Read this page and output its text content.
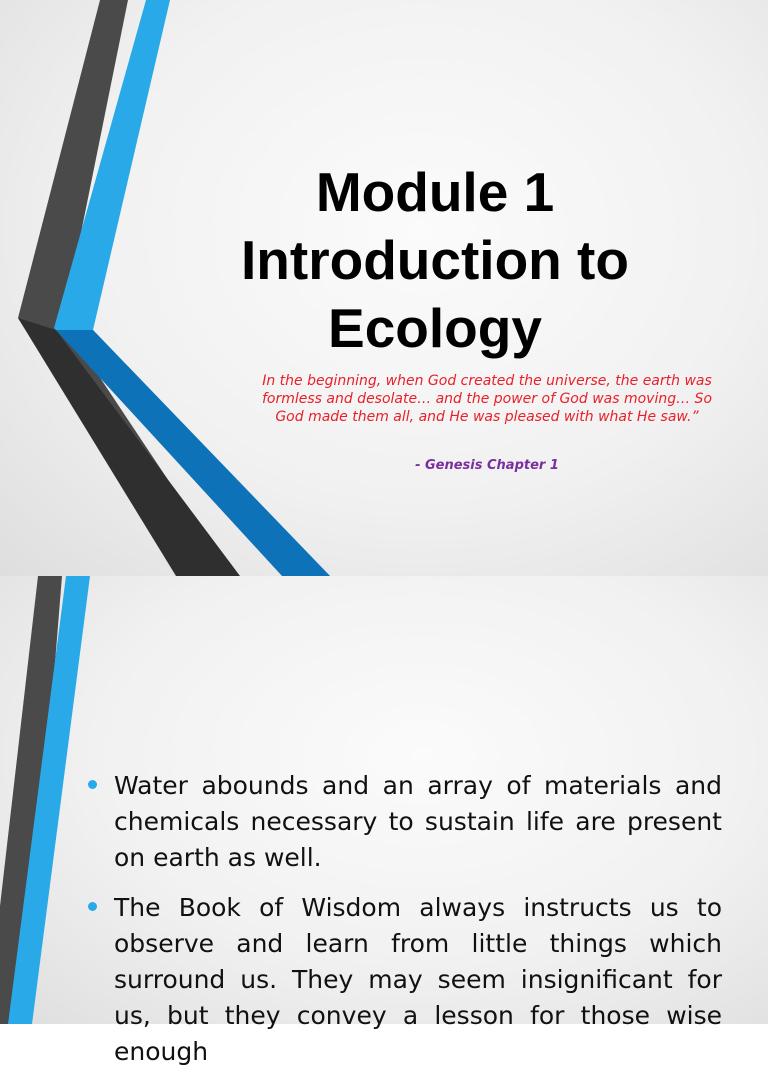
Module 1
Introduction to
Ecology
In the beginning, when God created the universe, the earth was formless and desolate… and the power of God was moving… So God made them all, and He was pleased with what He saw.”
- Genesis Chapter 1
Water abounds and an array of materials and chemicals necessary to sustain life are present on earth as well.
The Book of Wisdom always instructs us to observe and learn from little things which surround us. They may seem insignificant for us, but they convey a lesson for those wise enough
